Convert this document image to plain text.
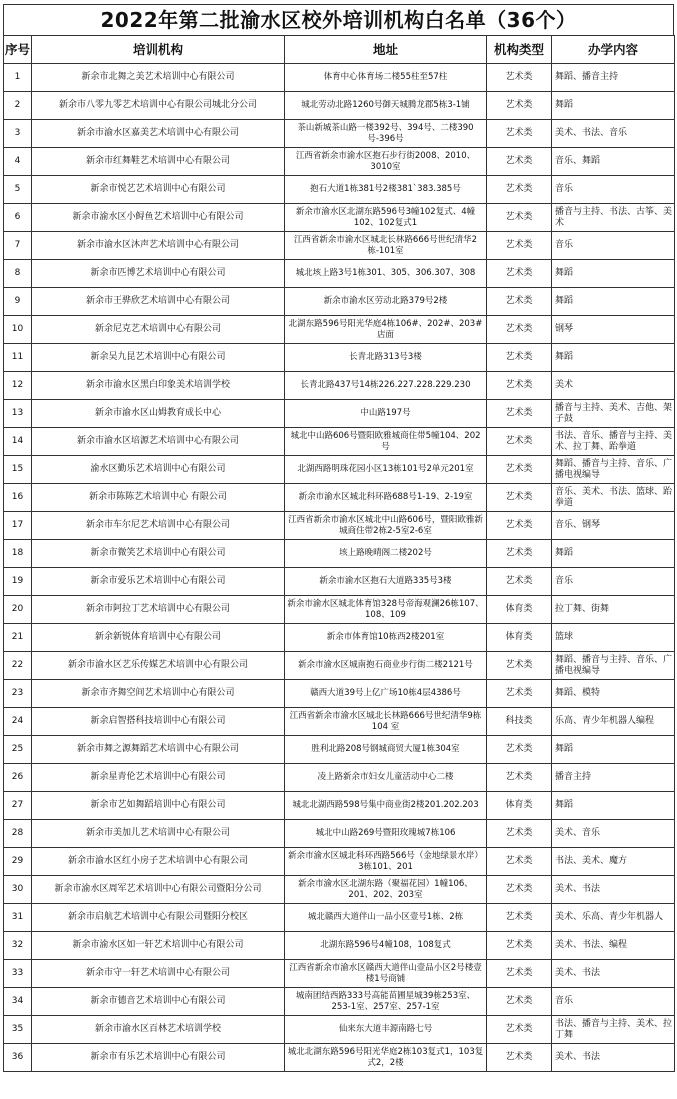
2022年第二批渝水区校外培训机构白名单（36个）
序号	培训机构	地址	机构类型	办学内容
1	新余市北舞之美艺术培训中心有限公司	体育中心体育场二楼55柱至57柱	艺术类	舞蹈、播音主持
2	新余市八零九零艺术培训中心有限公司城北分公司	城北劳动北路1260号御天城腾龙郡5栋3-1铺	艺术类	舞蹈
3	新余市渝水区嘉美艺术培训中心有限公司	茶山新城茶山路一楼392号、394号、二楼390号-396号	艺术类	美术、书法、音乐
4	新余市红舞鞋艺术培训中心有限公司	江西省新余市渝水区抱石步行街2008、2010、3010室	艺术类	音乐、舞蹈
5	新余市悦艺艺术培训中心有限公司	抱石大道1栋381号2楼381`383.385号	艺术类	音乐
6	新余市渝水区小鲟鱼艺术培训中心有限公司	新余市渝水区北湖东路596号3幢102复式、4幢102、102复式1	艺术类	播音与主持、书法、古筝、美术
7	新余市渝水区沐声艺术培训中心有限公司	江西省新余市渝水区城北长林路666号世纪清华2栋-101室	艺术类	音乐
8	新余市匹博艺术培训中心有限公司	城北垓上路3号1栋301、305、306.307、308	艺术类	舞蹈
9	新余市王骅欣艺术培训中心有限公司	新余市渝水区劳动北路379号2楼	艺术类	舞蹈
10	新余尼克艺术培训中心有限公司	北湖东路596号阳光华庭4栋106#、202#、203#店面	艺术类	钢琴
11	新余吴九昆艺术培训中心有限公司	长青北路313号3楼	艺术类	舞蹈
12	新余市渝水区黑白印象美术培训学校	长青北路437号14栋226.227.228.229.230	艺术类	美术
13	新余市渝水区山姆教育成长中心	中山路197号	艺术类	播音与主持、美术、吉他、架子鼓
14	新余市渝水区培源艺术培训中心有限公司	城北中山路606号暨阳欧雅城商住带5幢104、202号	艺术类	书法、音乐、播音与主持、美术、拉丁舞、跆拳道
15	渝水区勤乐艺术培训中心有限公司	北湖西路明珠花园小区13栋101号2单元201室	艺术类	舞蹈、播音与主持、音乐、广播电视编导
16	新余市陈陈艺术培训中心 有限公司	新余市渝水区城北科环路688号1-19、2-19室	艺术类	音乐、美术、书法、篮球、跆拳道
17	新余市车尔尼艺术培训中心有限公司	江西省新余市渝水区城北中山路606号，暨阳欧雅新城商住带2栋2-5室2-6室	艺术类	音乐、钢琴
18	新余市微笑艺术培训中心有限公司	垓上路晚晴阁二楼202号	艺术类	舞蹈
19	新余市爱乐艺术培训中心有限公司	新余市渝水区抱石大道路335号3楼	艺术类	音乐
20	新余市阿拉丁艺术培训中心有限公司	新余市渝水区城北体育馆328号帝海观澜26栋107、108、109	体育类	拉丁舞、街舞
21	新余新锐体育培训中心有限公司	新余市体育馆10栋西2楼201室	体育类	篮球
22	新余市渝水区艺乐传媒艺术培训中心有限公司	新余市渝水区城南抱石商业步行街二楼2121号	艺术类	舞蹈、播音与主持、音乐、广播电视编导
23	新余市齐舞空间艺术培训中心有限公司	赣西大道39号上亿广场10栋4层4386号	艺术类	舞蹈、模特
24	新余启智搭科技培训中心有限公司	江西省新余市渝水区城北长林路666号世纪清华9栋104 室	科技类	乐高、青少年机器人编程
25	新余市舞之源舞蹈艺术培训中心有限公司	胜利北路208号钢城商贸大厦1栋304室	艺术类	舞蹈
26	新余星青伦艺术培训中心有限公司	凌上路新余市妇女儿童活动中心二楼	艺术类	播音主持
27	新余市艺如舞蹈培训中心有限公司	城北北湖西路598号集中商业街2楼201.202.203	体育类	舞蹈
28	新余市美加儿艺术培训中心有限公司	城北中山路269号暨阳玫瑰城7栋106	艺术类	美术、音乐
29	新余市渝水区红小房子艺术培训中心有限公司	新余市渝水区城北科环西路566号（金地绿景水岸）3栋101、201	艺术类	书法、美术、魔方
30	新余市渝水区周军艺术培训中心有限公司暨阳分公司	新余市渝水区北湖东路（聚福花园）1幢106、201、202、203室	艺术类	美术、书法
31	新余市启航艺术培训中心有限公司暨阳分校区	城北赣西大道伴山一品小区壹号1栋、2栋	艺术类	美术、乐高、青少年机器人
32	新余市渝水区如一轩艺术培训中心有限公司	北湖东路596号4幢108，108复式	艺术类	美术、书法、编程
33	新余市守一轩艺术培训中心有限公司	江西省新余市渝水区赣西大道伴山壹品小区2号楼壹楼1号商铺	艺术类	美术、书法
34	新余市德音艺术培训中心有限公司	城南团结西路333号高能苗圃星城39栋253室、253-1室、257室、257-1室	艺术类	音乐
35	新余市渝水区百林艺术培训学校	仙来东大道丰源南路七号	艺术类	书法、播音与主持、美术、拉丁舞
36	新余市有乐艺术培训中心有限公司	城北北湖东路596号阳光华庭2栋103复式1，103复式2，2楼	艺术类	美术、书法
